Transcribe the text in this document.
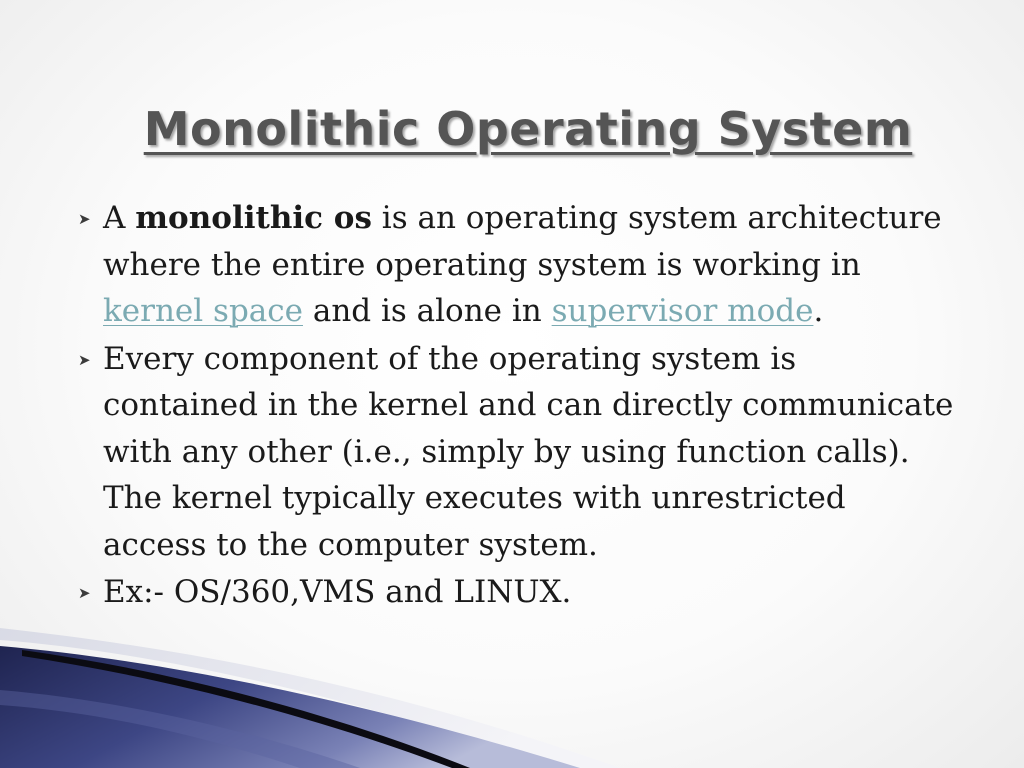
Monolithic Operating System
➤ A monolithic os is an operating system architecture where the entire operating system is working in kernel space and is alone in supervisor mode.
➤ Every component of the operating system is contained in the kernel and can directly communicate with any other (i.e., simply by using function calls). The kernel typically executes with unrestricted access to the computer system.
➤ Ex:- OS/360,VMS and LINUX.
